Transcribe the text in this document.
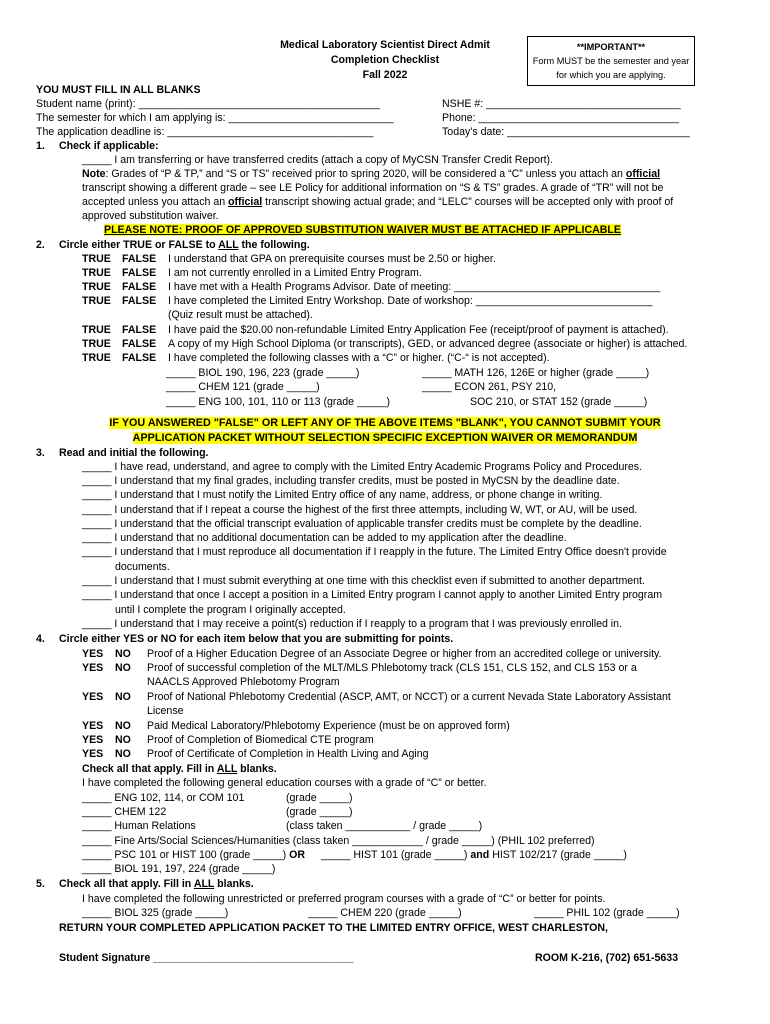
Medical Laboratory Scientist Direct Admit
Completion Checklist
Fall 2022
**IMPORTANT**
Form MUST be the semester and year
for which you are applying.
YOU MUST FILL IN ALL BLANKS
Student name (print): _________________________________________	NSHE #: _________________________________
The semester for which I am applying is: ____________________________	Phone: __________________________________
The application deadline is: ___________________________________	Today’s date: _______________________________
1. Check if applicable:
_____ I am transferring or have transferred credits (attach a copy of MyCSN Transfer Credit Report).
Note: Grades of “P & TP,” and “S or TS” received prior to spring 2020, will be considered a “C” unless you attach an official
transcript showing a different grade – see LE Policy for additional information on “S & TS” grades. A grade of “TR” will not be
accepted unless you attach an official transcript showing actual grade; and “LELC” courses will be accepted only with proof of
approved substitution waiver.
PLEASE NOTE: PROOF OF APPROVED SUBSTITUTION WAIVER MUST BE ATTACHED IF APPLICABLE
2. Circle either TRUE or FALSE to ALL the following.
TRUE FALSE I understand that GPA on prerequisite courses must be 2.50 or higher.
TRUE FALSE I am not currently enrolled in a Limited Entry Program.
TRUE FALSE I have met with a Health Programs Advisor. Date of meeting: ___________________________________
TRUE FALSE I have completed the Limited Entry Workshop. Date of workshop: ______________________________
(Quiz result must be attached).
TRUE FALSE I have paid the $20.00 non-refundable Limited Entry Application Fee (receipt/proof of payment is attached).
TRUE FALSE A copy of my High School Diploma (or transcripts), GED, or advanced degree (associate or higher) is attached.
TRUE FALSE I have completed the following classes with a “C” or higher. (“C-“ is not accepted).
_____ BIOL 190, 196, 223 (grade _____)
_____ CHEM 121 (grade _____)
_____ ENG 100, 101, 110 or 113 (grade _____)
_____ MATH 126, 126E or higher (grade _____)
_____ ECON 261, PSY 210,
SOC 210, or STAT 152 (grade _____)
IF YOU ANSWERED "FALSE" OR LEFT ANY OF THE ABOVE ITEMS "BLANK", YOU CANNOT SUBMIT YOUR
APPLICATION PACKET WITHOUT SELECTION SPECIFIC EXCEPTION WAIVER OR MEMORANDUM
3. Read and initial the following.
_____ I have read, understand, and agree to comply with the Limited Entry Academic Programs Policy and Procedures.
_____ I understand that my final grades, including transfer credits, must be posted in MyCSN by the deadline date.
_____ I understand that I must notify the Limited Entry office of any name, address, or phone change in writing.
_____ I understand that if I repeat a course the highest of the first three attempts, including W, WT, or AU, will be used.
_____ I understand that the official transcript evaluation of applicable transfer credits must be complete by the deadline.
_____ I understand that no additional documentation can be added to my application after the deadline.
_____ I understand that I must reproduce all documentation if I reapply in the future. The Limited Entry Office doesn't provide
documents.
_____ I understand that I must submit everything at one time with this checklist even if submitted to another department.
_____ I understand that once I accept a position in a Limited Entry program I cannot apply to another Limited Entry program
until I complete the program I originally accepted.
_____ I understand that I may receive a point(s) reduction if I reapply to a program that I was previously enrolled in.
4. Circle either YES or NO for each item below that you are submitting for points.
YES NO Proof of a Higher Education Degree of an Associate Degree or higher from an accredited college or university.
YES NO Proof of successful completion of the MLT/MLS Phlebotomy track (CLS 151, CLS 152, and CLS 153 or a
NAACLS Approved Phlebotomy Program
YES NO Proof of National Phlebotomy Credential (ASCP, AMT, or NCCT) or a current Nevada State Laboratory Assistant
License
YES NO Paid Medical Laboratory/Phlebotomy Experience (must be on approved form)
YES NO Proof of Completion of Biomedical CTE program
YES NO Proof of Certificate of Completion in Health Living and Aging
Check all that apply. Fill in ALL blanks.
I have completed the following general education courses with a grade of “C” or better.
_____ ENG 102, 114, or COM 101	(grade _____)
_____ CHEM 122	(grade _____)
_____ Human Relations	(class taken ___________ / grade _____)
_____ Fine Arts/Social Sciences/Humanities (class taken ____________ / grade _____) (PHIL 102 preferred)
_____ PSC 101 or HIST 100 (grade _____) OR _____ HIST 101 (grade _____) and HIST 102/217 (grade _____)
_____ BIOL 191, 197, 224 (grade _____)
5. Check all that apply. Fill in ALL blanks.
I have completed the following unrestricted or preferred program courses with a grade of “C” or better for points.
_____ BIOL 325 (grade _____)	_____ CHEM 220 (grade _____)	_____ PHIL 102 (grade _____)
RETURN YOUR COMPLETED APPLICATION PACKET TO THE LIMITED ENTRY OFFICE, WEST CHARLESTON,
Student Signature __________________________________	ROOM K-216, (702) 651-5633
